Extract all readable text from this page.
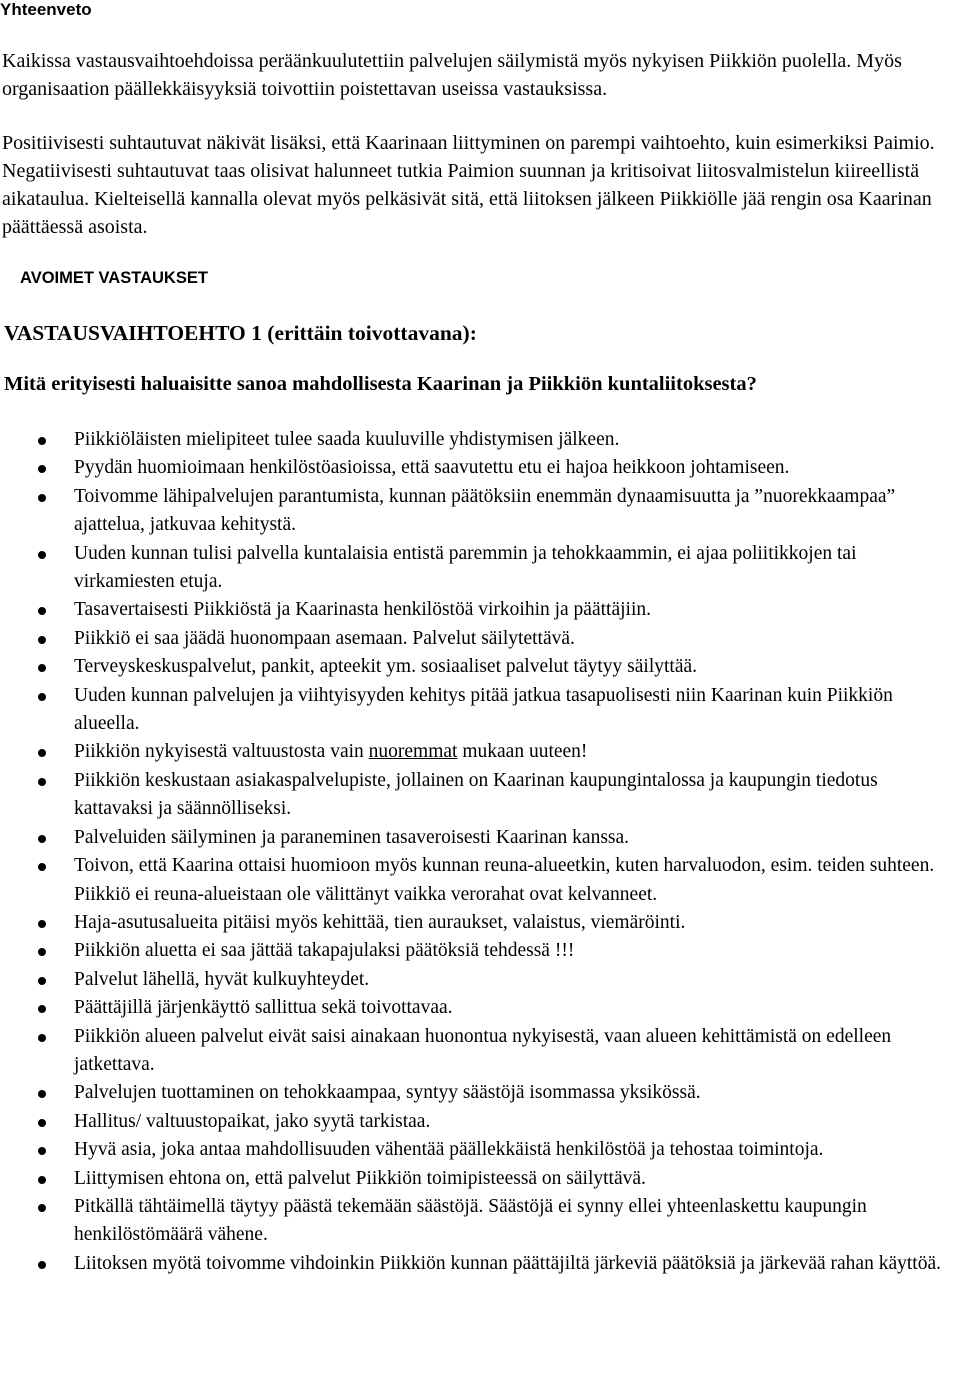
Yhteenveto

Kaikissa vastausvaihtoehdoissa peräänkuulutettiin palvelujen säilymistä myös nykyisen Piikkiön puolella. Myös organisaation päällekkäisyyksiä toivottiin poistettavan useissa vastauksissa.

Positiivisesti suhtautuvat näkivät lisäksi, että Kaarinaan liittyminen on parempi vaihtoehto, kuin esimerkiksi Paimio. Negatiivisesti suhtautuvat taas olisivat halunneet tutkia Paimion suunnan ja kritisoivat liitosvalmistelun kiireellistä aikataulua. Kielteisellä kannalla olevat myös pelkäsivät sitä, että liitoksen jälkeen Piikkiölle jää rengin osa Kaarinan päättäessä asoista.

AVOIMET VASTAUKSET
VASTAUSVAIHTOEHTO 1 (erittäin toivottavana):
Mitä erityisesti haluaisitte sanoa mahdollisesta Kaarinan ja Piikkiön kuntaliitoksesta?
Piikkiöläisten mielipiteet tulee saada kuuluville yhdistymisen jälkeen.
Pyydän huomioimaan henkilöstöasioissa, että saavutettu etu ei hajoa heikkoon johtamiseen.
Toivomme lähipalvelujen parantumista, kunnan päätöksiin enemmän dynaamisuutta ja ”nuorekkaampaa” ajattelua, jatkuvaa kehitystä.
Uuden kunnan tulisi palvella kuntalaisia entistä paremmin ja tehokkaammin, ei ajaa poliitikkojen tai virkamiesten etuja.
Tasavertaisesti Piikkiöstä ja Kaarinasta henkilöstöä virkoihin ja päättäjiin.
Piikkiö ei saa jäädä huonompaan asemaan. Palvelut säilytettävä.
Terveyskeskuspalvelut, pankit, apteekit ym. sosiaaliset palvelut täytyy säilyttää.
Uuden kunnan palvelujen ja viihtyisyyden kehitys pitää jatkua tasapuolisesti niin Kaarinan kuin Piikkiön alueella.
Piikkiön nykyisestä valtuustosta vain nuoremmat mukaan uuteen!
Piikkiön keskustaan asiakaspalvelupiste, jollainen on Kaarinan kaupungintalossa ja kaupungin tiedotus kattavaksi ja säännölliseksi.
Palveluiden säilyminen ja paraneminen tasaveroisesti Kaarinan kanssa.
Toivon, että Kaarina ottaisi huomioon myös kunnan reuna-alueetkin, kuten harvaluodon, esim. teiden suhteen. Piikkiö ei reuna-alueistaan ole välittänyt vaikka verorahat ovat kelvanneet.
Haja-asutusalueita pitäisi myös kehittää, tien auraukset, valaistus, viemäröinti.
Piikkiön aluetta ei saa jättää takapajulaksi päätöksiä tehdessä !!!
Palvelut lähellä, hyvät kulkuyhteydet.
Päättäjillä järjenkäyttö sallittua sekä toivottavaa.
Piikkiön alueen palvelut eivät saisi ainakaan huonontua nykyisestä, vaan alueen kehittämistä on edelleen jatkettava.
Palvelujen tuottaminen on tehokkaampaa, syntyy säästöjä isommassa yksikössä.
Hallitus/ valtuustopaikat, jako syytä tarkistaa.
Hyvä asia, joka antaa mahdollisuuden vähentää päällekkäistä henkilöstöä ja tehostaa toimintoja.
Liittymisen ehtona on, että palvelut Piikkiön toimipisteessä on säilyttävä.
Pitkällä tähtäimellä täytyy päästä tekemään säästöjä. Säästöjä ei synny ellei yhteenlaskettu kaupungin henkilöstömäärä vähene.
Liitoksen myötä toivomme vihdoinkin Piikkiön kunnan päättäjiltä järkeviä päätöksiä ja järkevää rahan käyttöä.
